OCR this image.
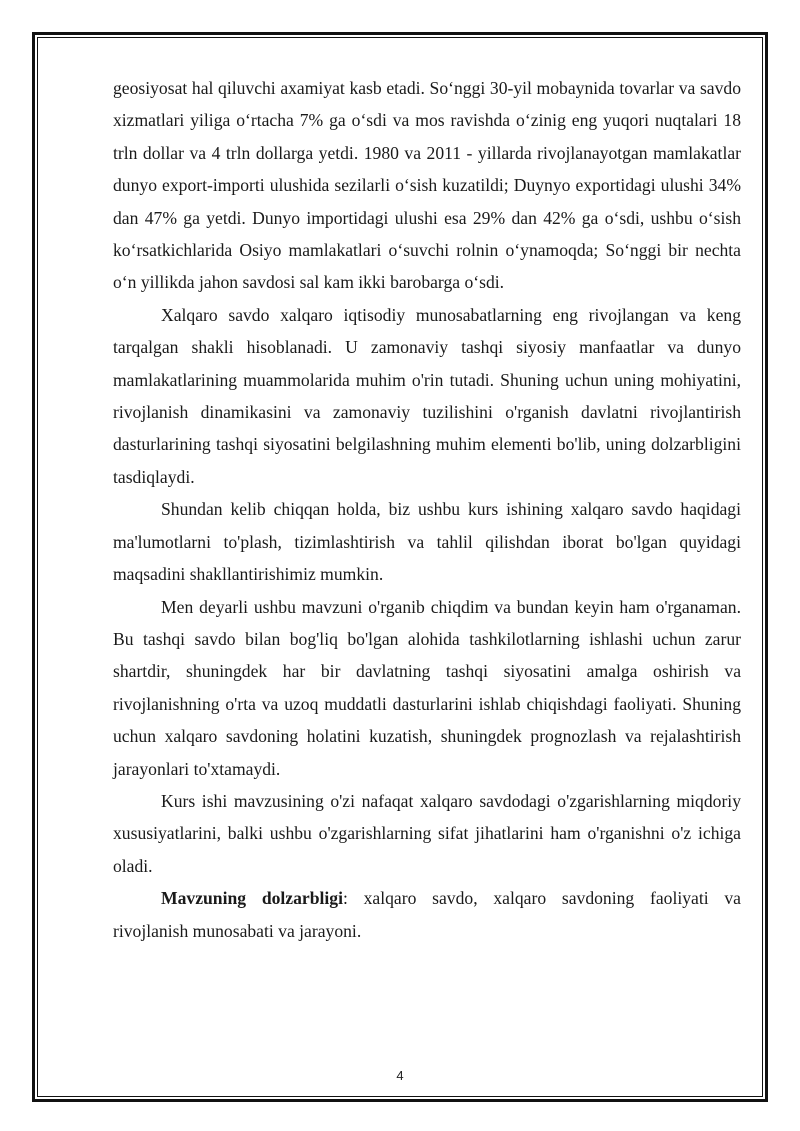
geosiyosat hal qiluvchi axamiyat kasb etadi. So‘nggi 30-yil mobaynida tovarlar va savdo xizmatlari yiliga o‘rtacha 7% ga o‘sdi va mos ravishda o‘zinig eng yuqori nuqtalari 18 trln dollar va 4 trln dollarga yetdi. 1980 va 2011 - yillarda rivojlanayotgan mamlakatlar dunyo export-importi ulushida sezilarli o‘sish kuzatildi; Duynyo exportidagi ulushi 34% dan 47% ga yetdi. Dunyo importidagi ulushi esa 29% dan 42% ga o‘sdi, ushbu o‘sish ko‘rsatkichlarida Osiyo mamlakatlari o‘suvchi rolnin o‘ynamoqda; So‘nggi bir nechta o‘n yillikda jahon savdosi sal kam ikki barobarga o‘sdi.

Xalqaro savdo xalqaro iqtisodiy munosabatlarning eng rivojlangan va keng tarqalgan shakli hisoblanadi. U zamonaviy tashqi siyosiy manfaatlar va dunyo mamlakatlarining muammolarida muhim o'rin tutadi. Shuning uchun uning mohiyatini, rivojlanish dinamikasini va zamonaviy tuzilishini o'rganish davlatni rivojlantirish dasturlarining tashqi siyosatini belgilashning muhim elementi bo'lib, uning dolzarbligini tasdiqlaydi.

Shundan kelib chiqqan holda, biz ushbu kurs ishining xalqaro savdo haqidagi ma'lumotlarni to'plash, tizimlashtirish va tahlil qilishdan iborat bo'lgan quyidagi maqsadini shakllantirishimiz mumkin.

Men deyarli ushbu mavzuni o'rganib chiqdim va bundan keyin ham o'rganaman. Bu tashqi savdo bilan bog'liq bo'lgan alohida tashkilotlarning ishlashi uchun zarur shartdir, shuningdek har bir davlatning tashqi siyosatini amalga oshirish va rivojlanishning o'rta va uzoq muddatli dasturlarini ishlab chiqishdagi faoliyati. Shuning uchun xalqaro savdoning holatini kuzatish, shuningdek prognozlash va rejalashtirish jarayonlari to'xtamaydi.

Kurs ishi mavzusining o'zi nafaqat xalqaro savdodagi o'zgarishlarning miqdoriy xususiyatlarini, balki ushbu o'zgarishlarning sifat jihatlarini ham o'rganishni o'z ichiga oladi.

Mavzuning dolzarbligi: xalqaro savdo, xalqaro savdoning faoliyati va rivojlanish munosabati va jarayoni.

4
